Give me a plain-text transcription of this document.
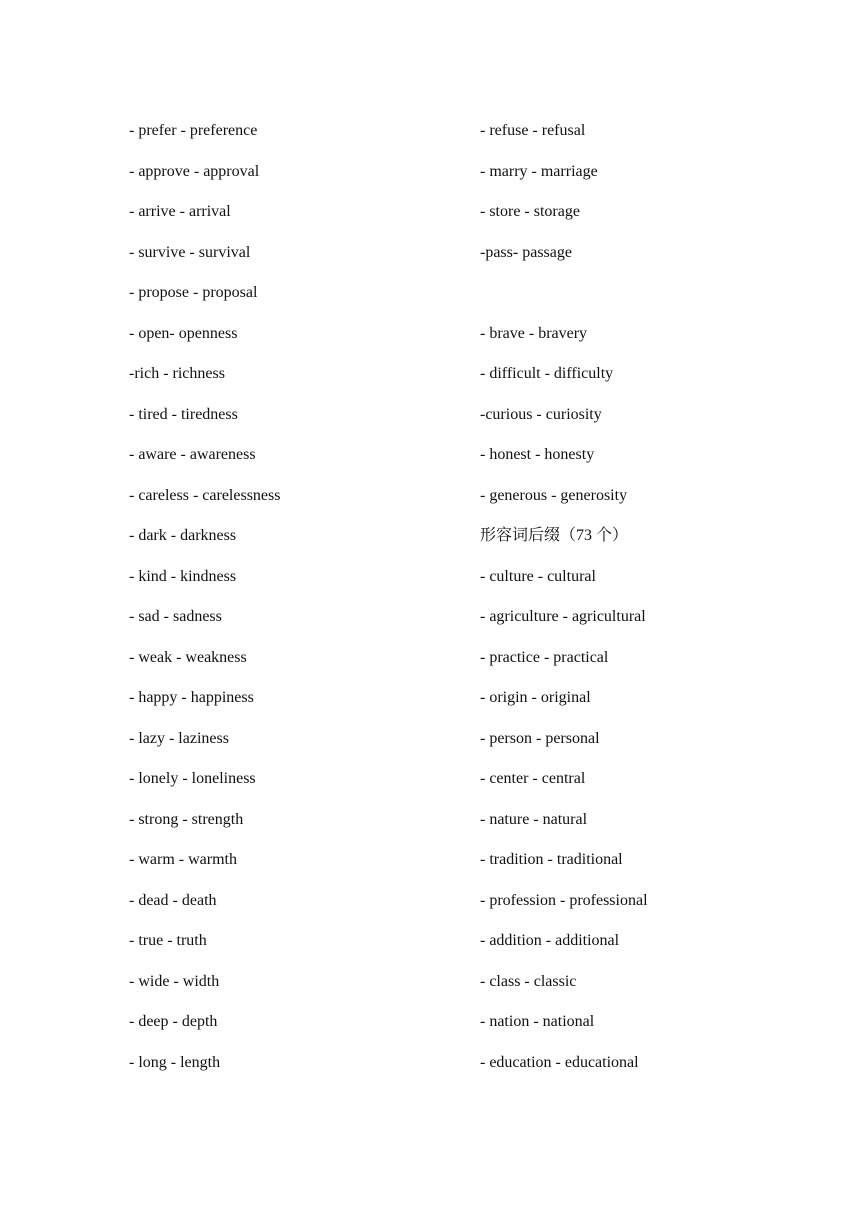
- prefer - preference
- approve - approval
- arrive - arrival
- survive - survival
- propose - proposal
- open- openness
-rich - richness
- tired - tiredness
- aware - awareness
- careless - carelessness
- dark - darkness
- kind - kindness
- sad - sadness
- weak - weakness
- happy - happiness
- lazy - laziness
- lonely - loneliness
- strong - strength
- warm - warmth
- dead - death
- true - truth
- wide - width
- deep - depth
- long - length
- refuse - refusal
- marry - marriage
- store - storage
-pass- passage
- brave - bravery
- difficult - difficulty
-curious - curiosity
- honest - honesty
- generous - generosity
形容词后缀（73 个）
- culture - cultural
- agriculture - agricultural
- practice - practical
- origin - original
- person - personal
- center - central
- nature - natural
- tradition - traditional
- profession - professional
- addition - additional
- class - classic
- nation - national
- education - educational
